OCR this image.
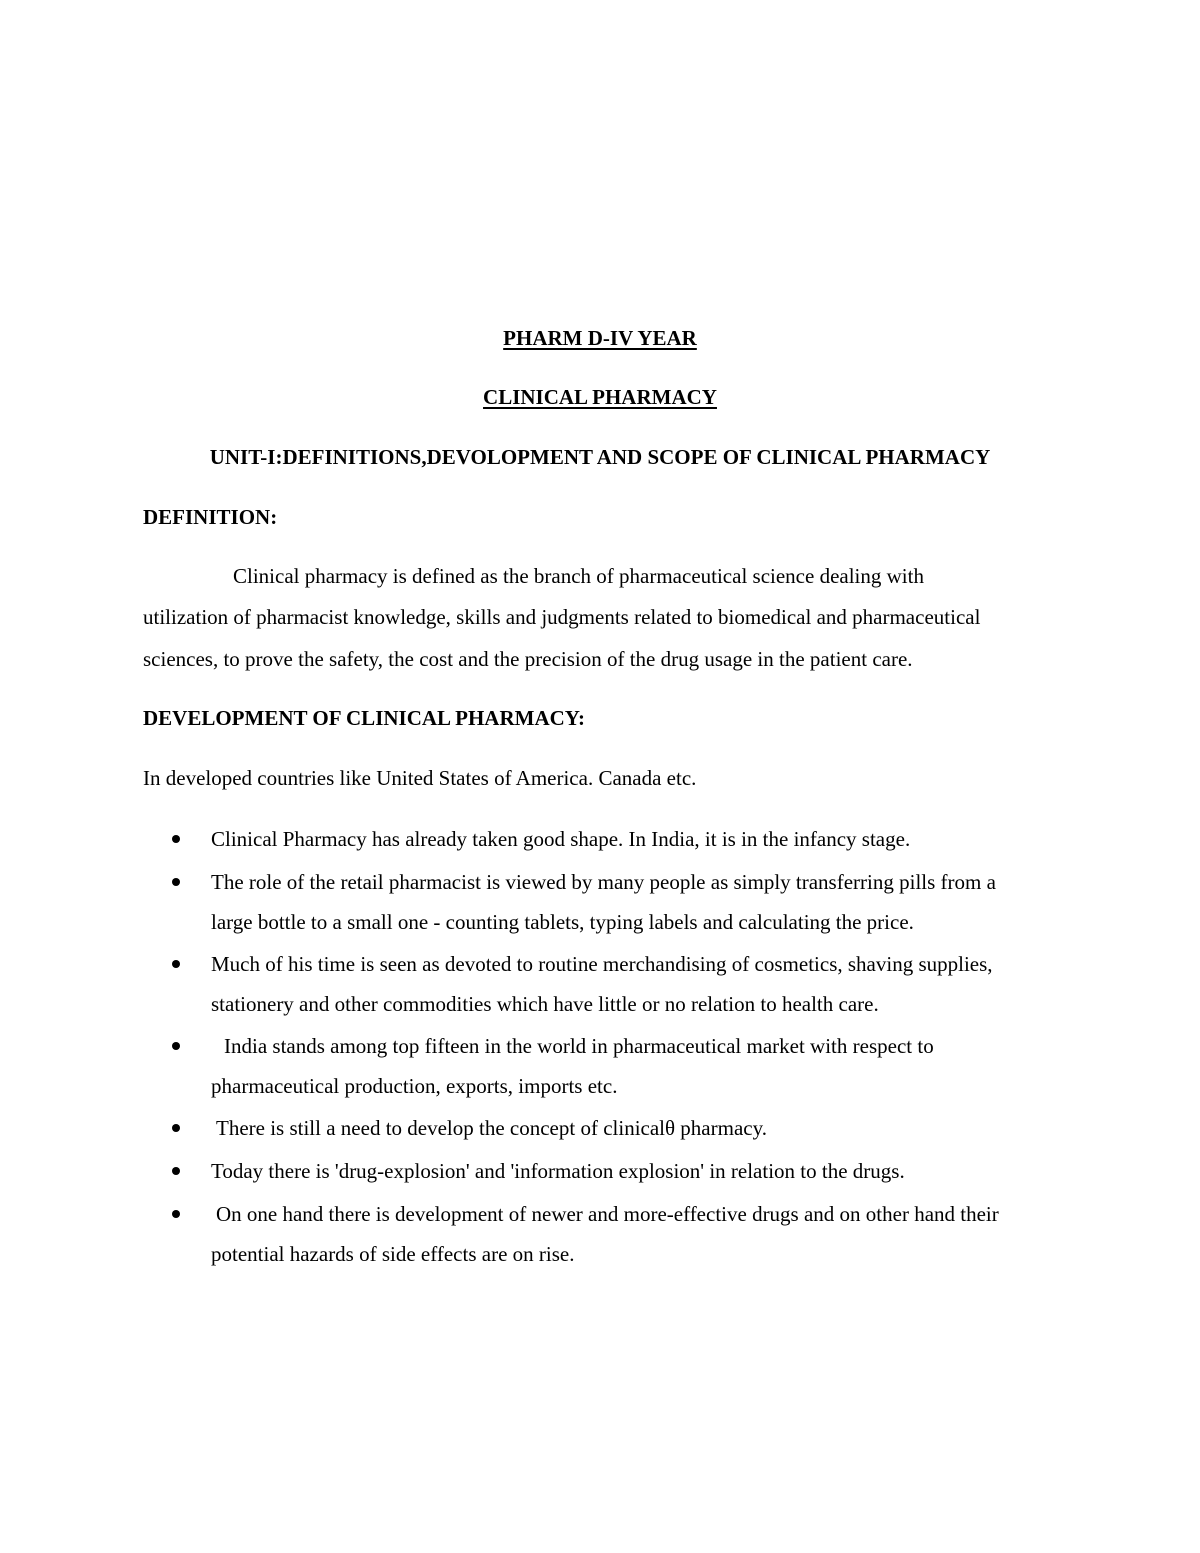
PHARM D-IV YEAR
CLINICAL PHARMACY
UNIT-I:DEFINITIONS,DEVOLOPMENT AND SCOPE OF CLINICAL PHARMACY
DEFINITION:
Clinical pharmacy is defined as the branch of pharmaceutical science dealing with
utilization of pharmacist knowledge, skills and judgments related to biomedical and pharmaceutical
sciences, to prove the safety, the cost and the precision of the drug usage in the patient care.
DEVELOPMENT OF CLINICAL PHARMACY:
In developed countries like United States of America. Canada etc.
Clinical Pharmacy has already taken good shape. In India, it is in the infancy stage.
The role of the retail pharmacist is viewed by many people as simply transferring pills from a
large bottle to a small one - counting tablets, typing labels and calculating the price.
Much of his time is seen as devoted to routine merchandising of cosmetics, shaving supplies,
stationery and other commodities which have little or no relation to health care.
India stands among top fifteen in the world in pharmaceutical market with respect to
pharmaceutical production, exports, imports etc.
There is still a need to develop the concept of clinicalθ pharmacy.
Today there is 'drug-explosion' and 'information explosion' in relation to the drugs.
On one hand there is development of newer and more-effective drugs and on other hand their
potential hazards of side effects are on rise.
